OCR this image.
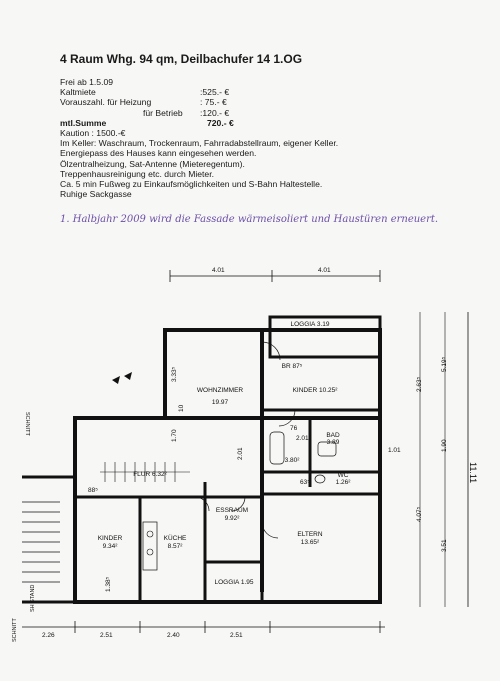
4 Raum Whg. 94 qm, Deilbachufer 14 1.OG
Frei ab 1.5.09
Kaltmiete	:525.- €
Vorauszahl. für Heizung	: 75.- €
für Betrieb :120.- €
mtl.Summe	720.- €
Kaution : 1500.-€
Im Keller: Waschraum, Trockenraum, Fahrradabstellraum, eigener Keller.
Energiepass des Hauses kann eingesehen werden.
Ölzentralheizung, Sat-Antenne (Mieteregentum).
Treppenhausreinigung etc. durch Mieter.
Ca. 5 min Fußweg zu Einkaufsmöglichkeiten und S-Bahn Haltestelle.
Ruhige Sackgasse
1. Halbjahr 2009 wird die Fassade wärmeisoliert und Haustüren erneuert.
4.01	4.01
2.26	2.51	2.40	2.51
11.11
5.19⁵
2.63⁵
4.07⁵
3.51
1.01	1.90
3.33⁵
1.70
10
2.01
2.01
88⁵
76
63⁵
1.38⁵
WOHNZIMMER
19.97
KINDER 10.25²
LOGGIA 3.19
BR 87⁵
FLUR 6.32²
BAD
3.89
WC
1.26²
3.80²
ESSRAUM
9.92²
KINDER
9.34²
KÜCHE
8.57²
ELTERN
13.65²
LOGGIA 1.95
SCHNITT
SH STAND
SCHNITT
